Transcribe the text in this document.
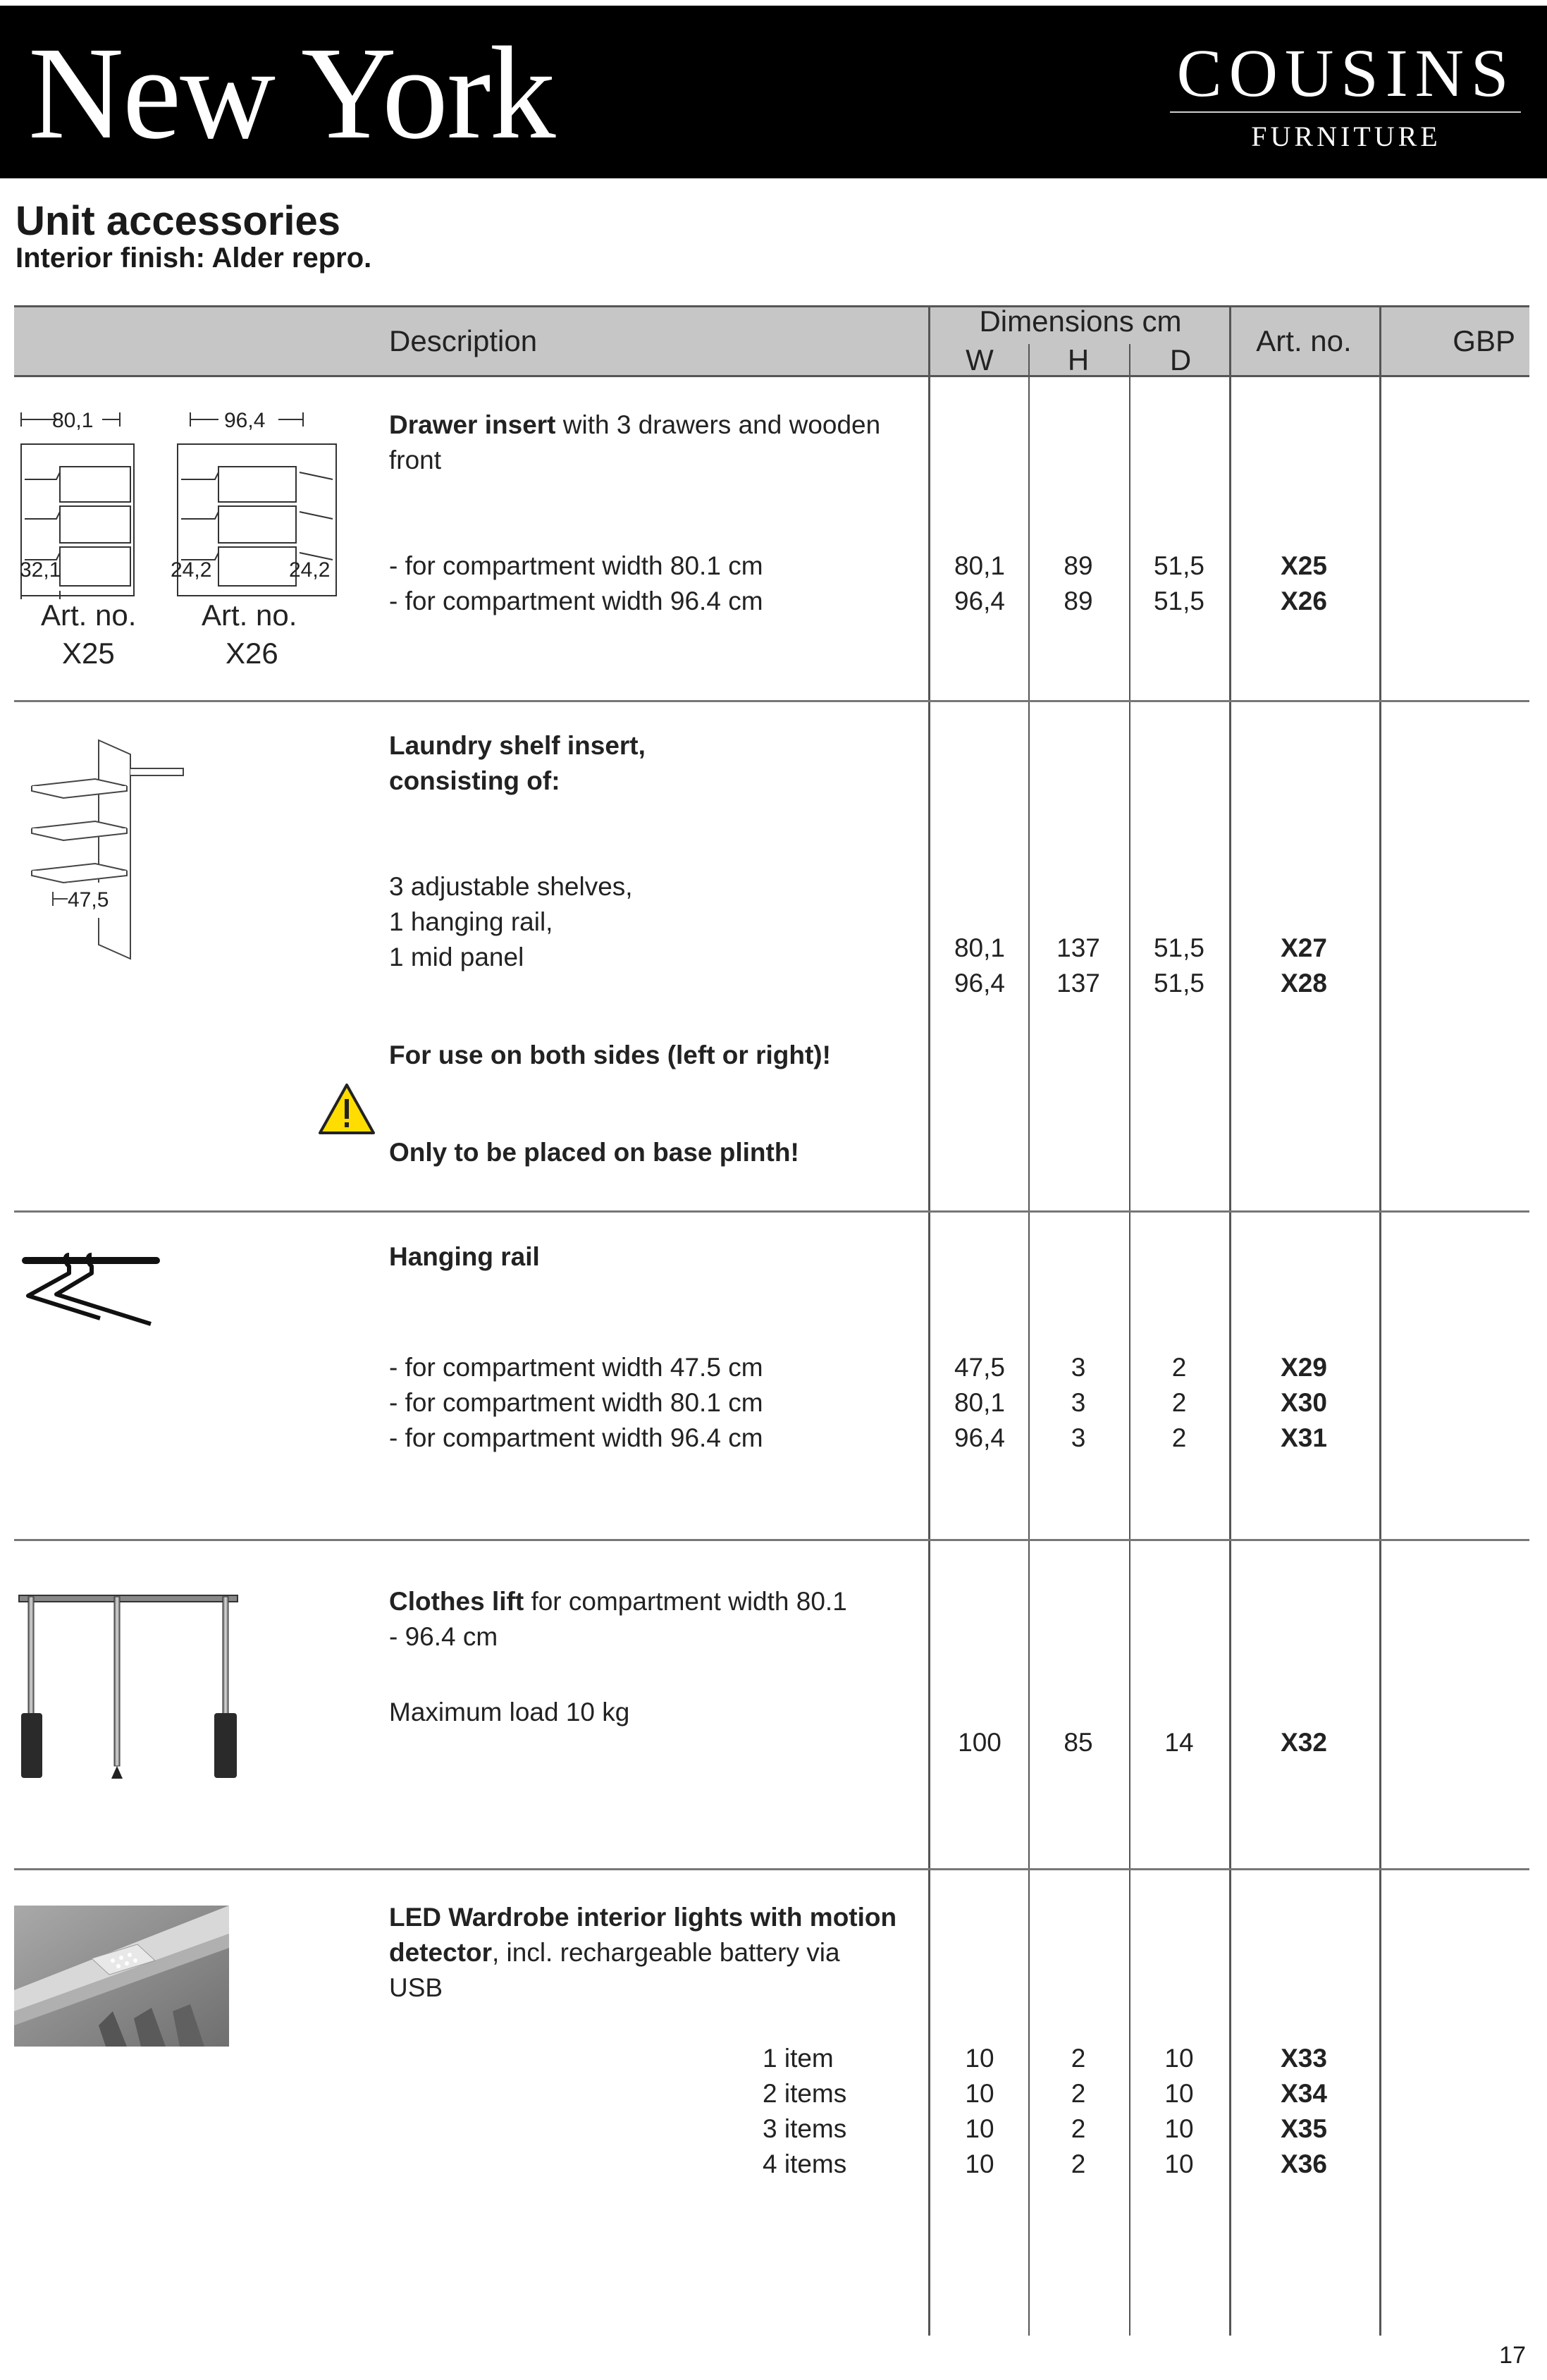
New York	COUSINS
FURNITURE
Unit accessories
Interior finish: Alder repro.
Description
Dimensions cm
W	H	D
Art. no.	GBP
80,1	96,4
32,1	24,2	24,2
Art. no.
X25
Art. no.
X26
Drawer insert with 3 drawers and wooden
front
- for compartment width 80.1 cm	80,1	89	51,5	X25
- for compartment width 96.4 cm	96,4	89	51,5	X26
47,5
Laundry shelf insert,
consisting of:
3 adjustable shelves,
1 hanging rail,
1 mid panel	80,1	137	51,5	X27
96,4	137	51,5	X28
For use on both sides (left or right)!
Only to be placed on base plinth!
Hanging rail
- for compartment width 47.5 cm	47,5	3	2	X29
- for compartment width 80.1 cm	80,1	3	2	X30
- for compartment width 96.4 cm	96,4	3	2	X31
Clothes lift for compartment width 80.1
- 96.4 cm
Maximum load 10 kg
100	85	14	X32
LED Wardrobe interior lights with motion
detector, incl. rechargeable battery via
USB
1 item	10	2	10	X33
2 items	10	2	10	X34
3 items	10	2	10	X35
4 items	10	2	10	X36
17
